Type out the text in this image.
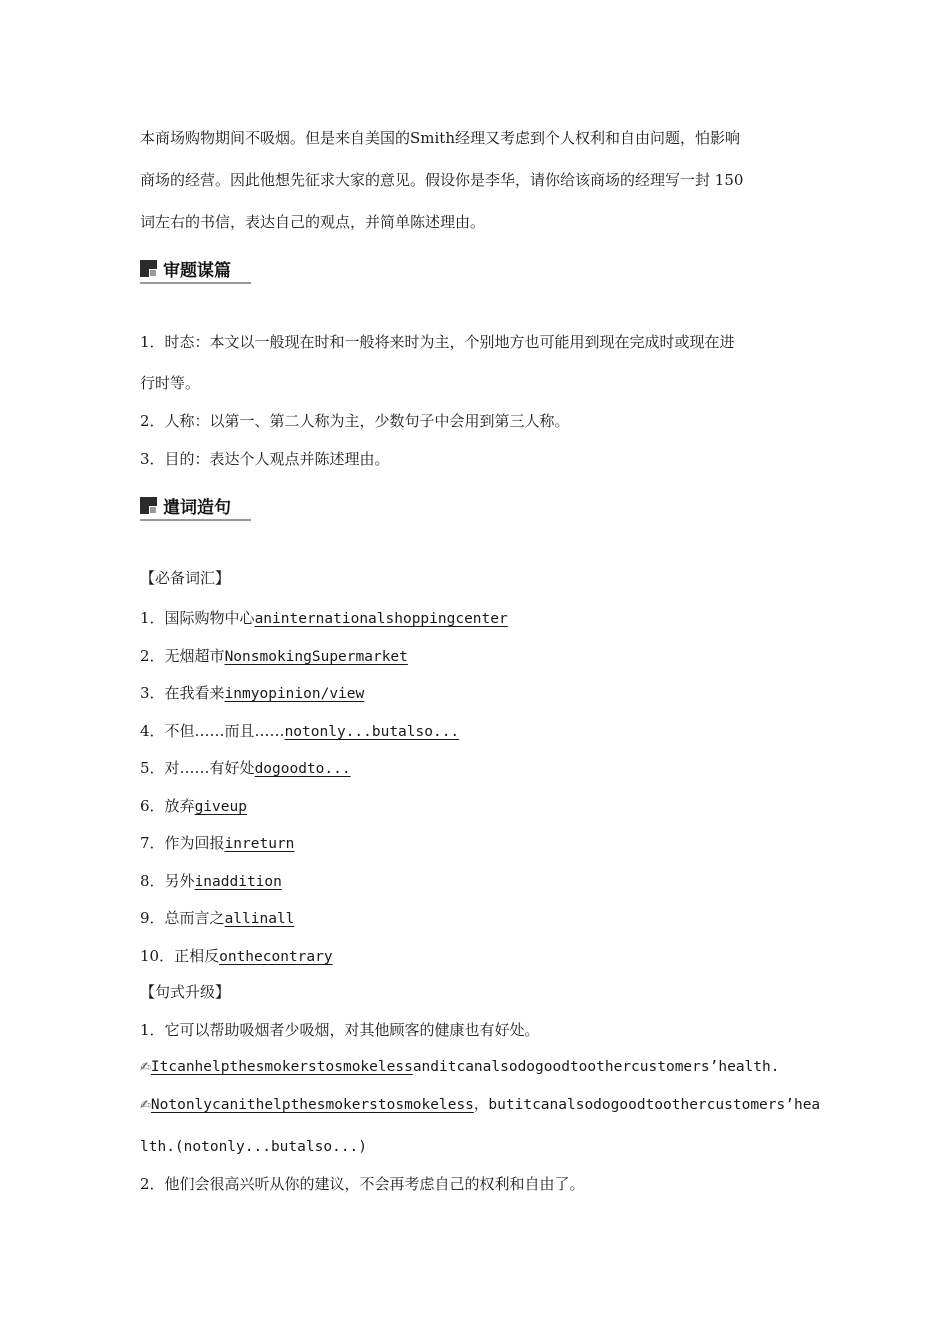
本商场购物期间不吸烟。但是来自美国的Smith经理又考虑到个人权利和自由问题，怕影响
商场的经营。因此他想先征求大家的意见。假设你是李华，请你给该商场的经理写一封 150
词左右的书信，表达自己的观点，并简单陈述理由。
审题谋篇
1．时态：本文以一般现在时和一般将来时为主，个别地方也可能用到现在完成时或现在进
行时等。
2．人称：以第一、第二人称为主，少数句子中会用到第三人称。
3．目的：表达个人观点并陈述理由。
遣词造句
【必备词汇】
1．国际购物中心aninternationalshoppingcenter
2．无烟超市NonsmokingSupermarket
3．在我看来inmyopinion/view
4．不但……而且……notonly...butalso...
5．对……有好处dogoodto...
6．放弃giveup
7．作为回报inreturn
8．另外inaddition
9．总而言之allinall
10．正相反onthecontrary
【句式升级】
1．它可以帮助吸烟者少吸烟，对其他顾客的健康也有好处。
✍Itcanhelpthesmokerstosmokelessanditcanalsodogoodtoothercustomers’health.
✍Notonlycanithelpthesmokerstosmokeless，butitcanalsodogoodtoothercustomers’hea
lth.(notonly...butalso...)
2．他们会很高兴听从你的建议，不会再考虑自己的权利和自由了。
